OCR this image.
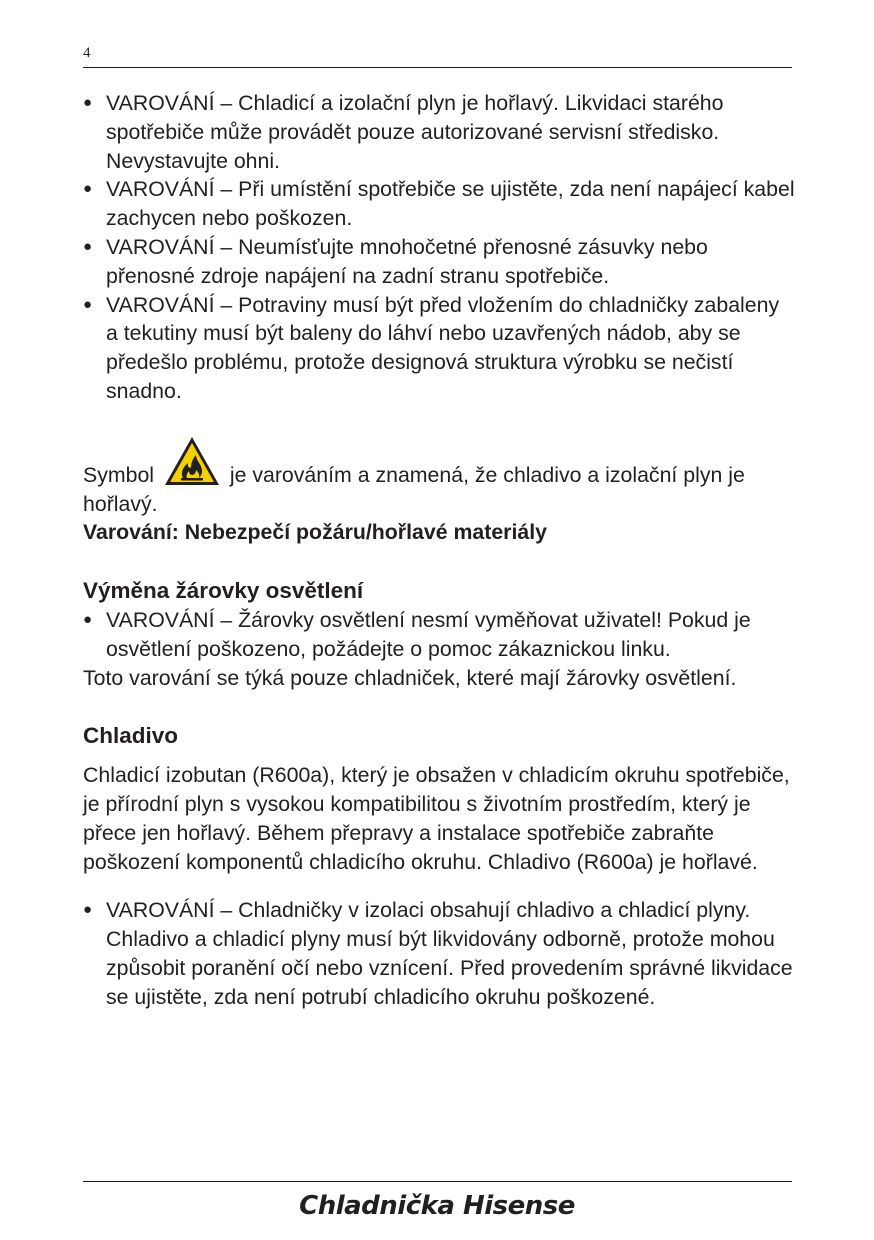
4
● VAROVÁNÍ – Chladicí a izolační plyn je hořlavý. Likvidaci starého spotřebiče může provádět pouze autorizované servisní středisko. Nevystavujte ohni.
● VAROVÁNÍ – Při umístění spotřebiče se ujistěte, zda není napájecí kabel zachycen nebo poškozen.
● VAROVÁNÍ – Neumísťujte mnohočetné přenosné zásuvky nebo přenosné zdroje napájení na zadní stranu spotřebiče.
● VAROVÁNÍ – Potraviny musí být před vložením do chladničky zabaleny a tekutiny musí být baleny do láhví nebo uzavřených nádob, aby se předešlo problému, protože designová struktura výrobku se nečistí snadno.

Symbol	je varováním a znamená, že chladivo a izolační plyn je hořlavý.

Varování: Nebezpečí požáru/hořlavé materiály

Výměna žárovky osvětlení
● VAROVÁNÍ – Žárovky osvětlení nesmí vyměňovat uživatel! Pokud je osvětlení poškozeno, požádejte o pomoc zákaznickou linku.

Toto varování se týká pouze chladniček, které mají žárovky osvětlení.

Chladivo

Chladicí izobutan (R600a), který je obsažen v chladicím okruhu spotřebiče, je přírodní plyn s vysokou kompatibilitou s životním prostředím, který je přece jen hořlavý. Během přepravy a instalace spotřebiče zabraňte poškození komponentů chladicího okruhu. Chladivo (R600a) je hořlavé.

● VAROVÁNÍ – Chladničky v izolaci obsahují chladivo a chladicí plyny. Chladivo a chladicí plyny musí být likvidovány odborně, protože mohou způsobit poranění očí nebo vznícení. Před provedením správné likvidace se ujistěte, zda není potrubí chladicího okruhu poškozené.
Chladnička Hisense
